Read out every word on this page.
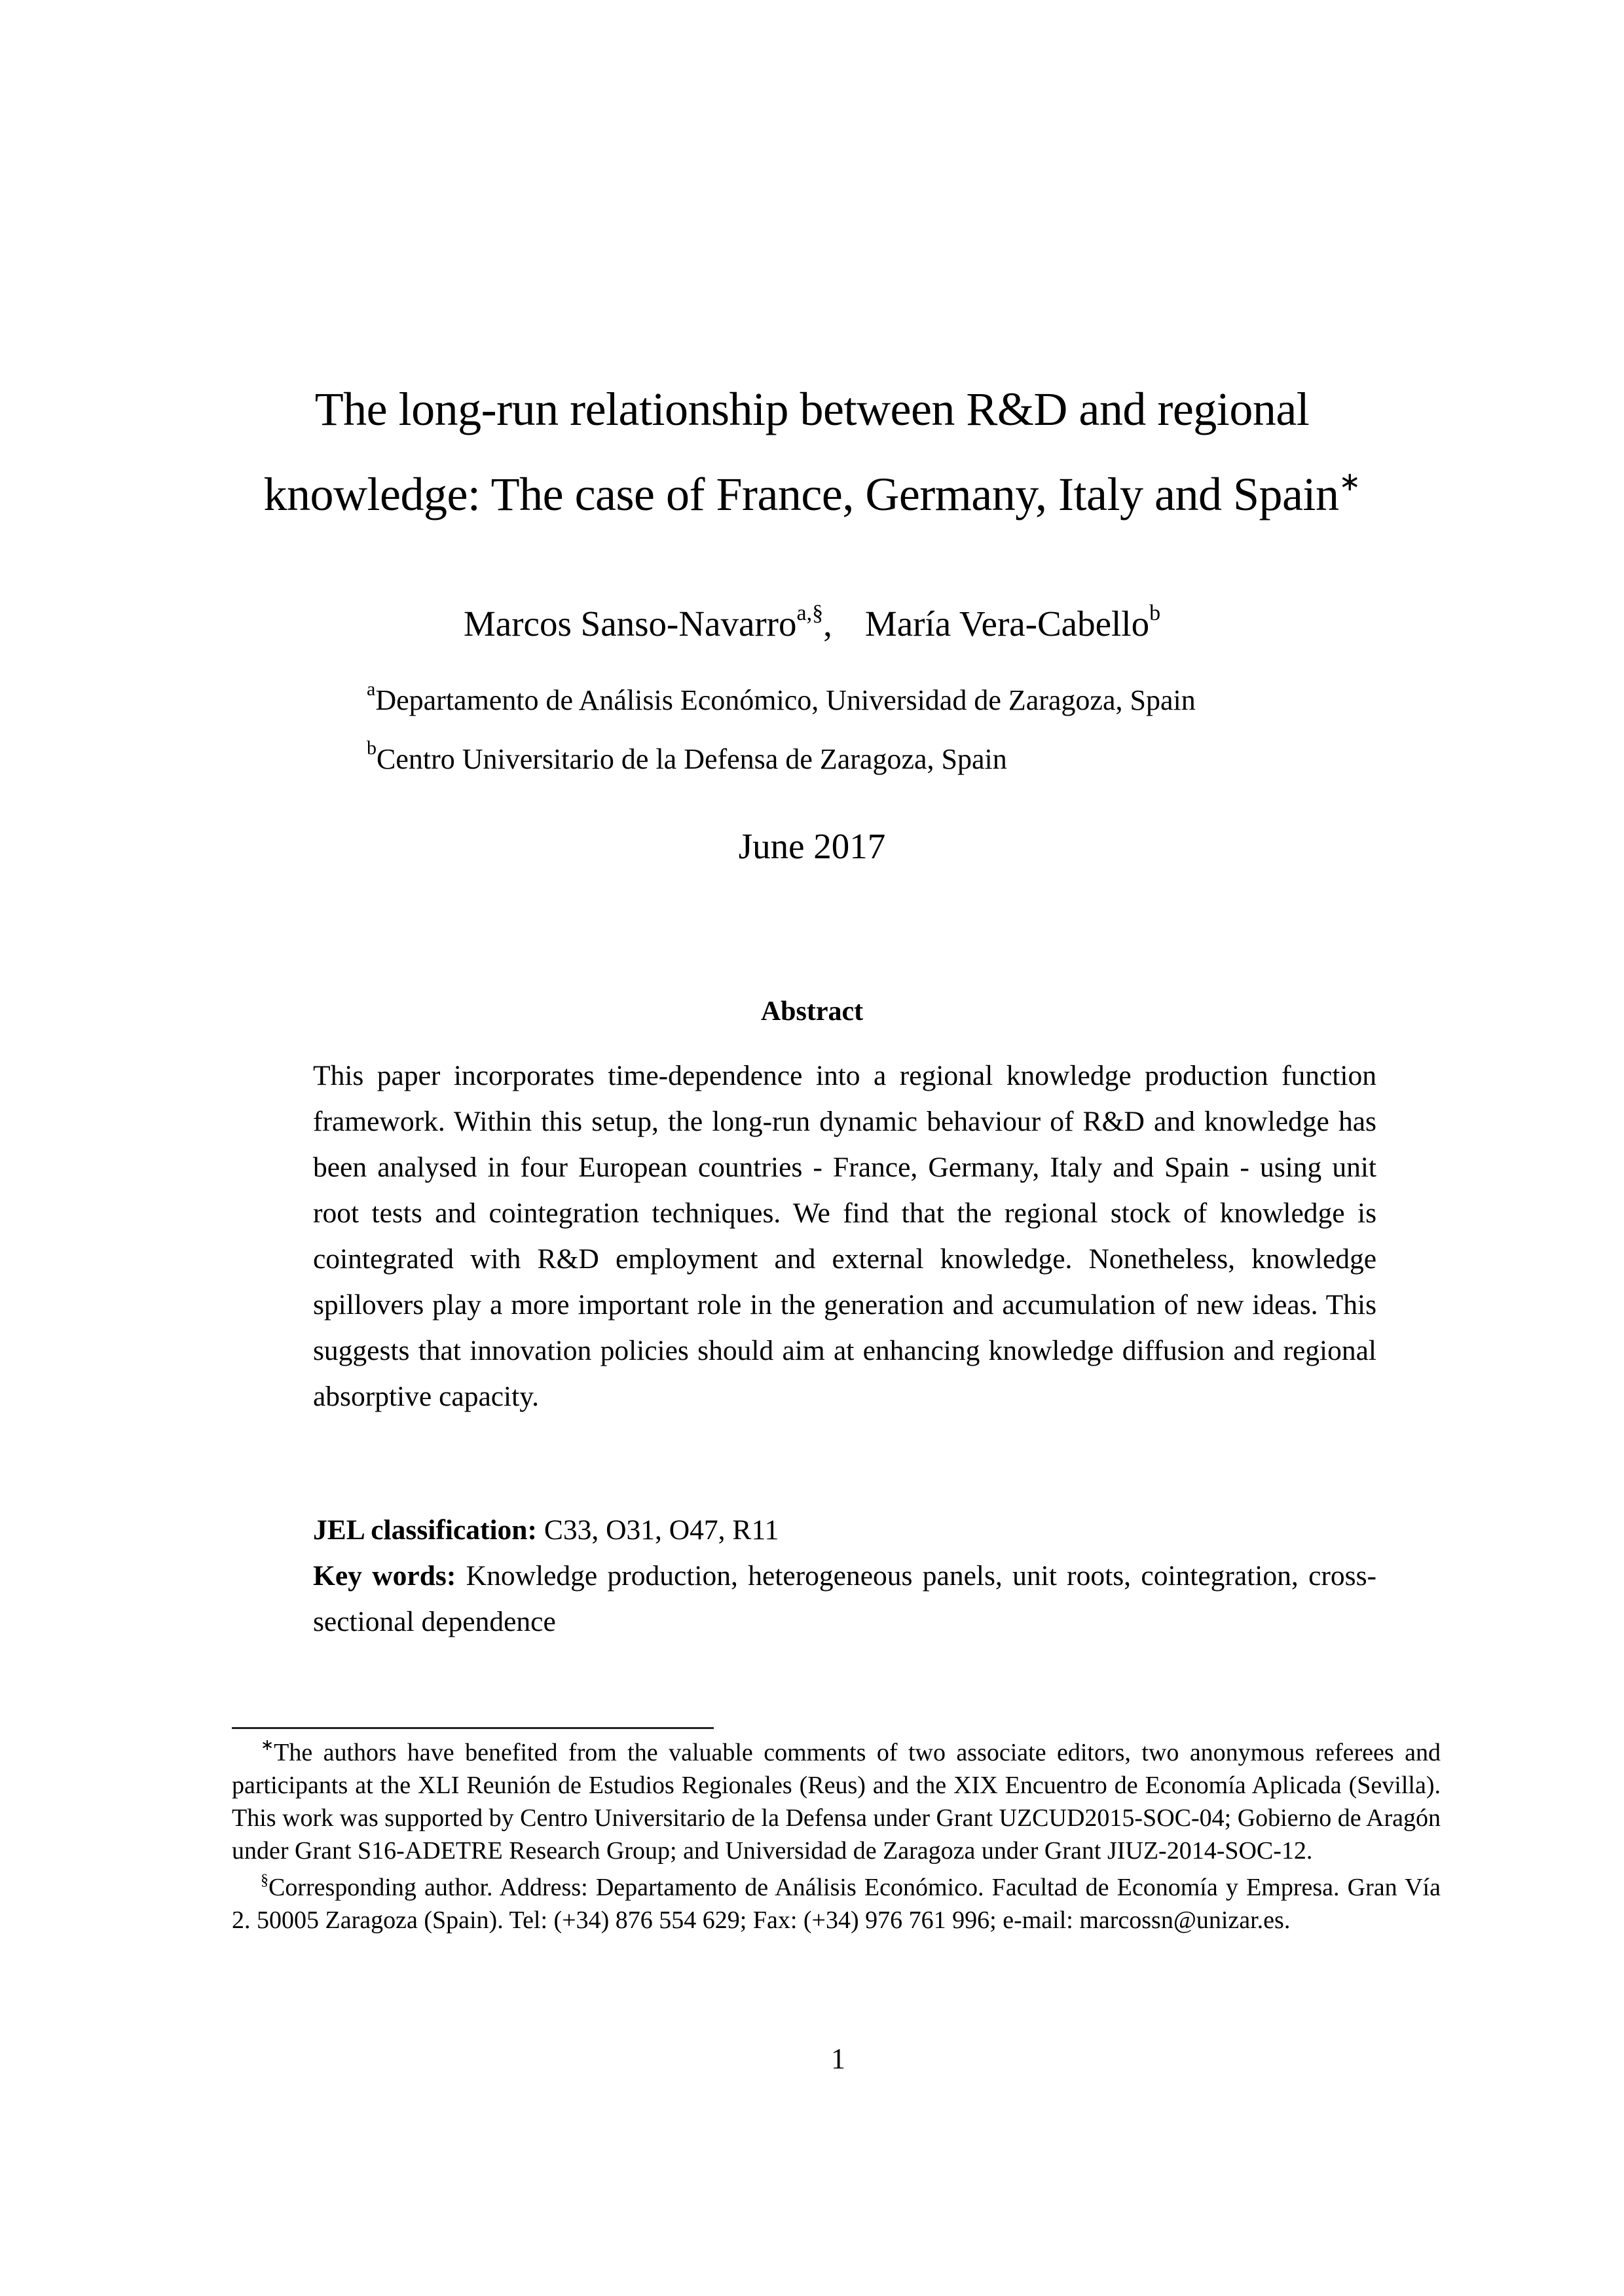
The long-run relationship between R&D and regional
knowledge: The case of France, Germany, Italy and Spain∗
Marcos Sanso-Navarro$^{a,\S}$, María Vera-Cabello$^b$
$^a$Departamento de Análisis Económico, Universidad de Zaragoza, Spain
$^b$Centro Universitario de la Defensa de Zaragoza, Spain
June 2017
Abstract

This paper incorporates time-dependence into a regional knowledge production function framework. Within this setup, the long-run dynamic behaviour of R&D and knowledge has been analysed in four European countries - France, Germany, Italy and Spain - using unit root tests and cointegration techniques. We find that the regional stock of knowledge is cointegrated with R&D employment and external knowledge. Nonetheless, knowledge spillovers play a more important role in the generation and accumulation of new ideas. This suggests that innovation policies should aim at enhancing knowledge diffusion and regional absorptive capacity.

JEL classification: C33, O31, O47, R11
Key words: Knowledge production, heterogeneous panels, unit roots, cointegration, cross-sectional dependence

∗The authors have benefited from the valuable comments of two associate editors, two anonymous referees and participants at the XLI Reunión de Estudios Regionales (Reus) and the XIX Encuentro de Economía Aplicada (Sevilla). This work was supported by Centro Universitario de la Defensa under Grant UZCUD2015-SOC-04; Gobierno de Aragón under Grant S16-ADETRE Research Group; and Universidad de Zaragoza under Grant JIUZ-2014-SOC-12.

§Corresponding author. Address: Departamento de Análisis Económico. Facultad de Economía y Empresa. Gran Vía 2. 50005 Zaragoza (Spain). Tel: (+34) 876 554 629; Fax: (+34) 976 761 996; e-mail: marcossn@unizar.es.

1
